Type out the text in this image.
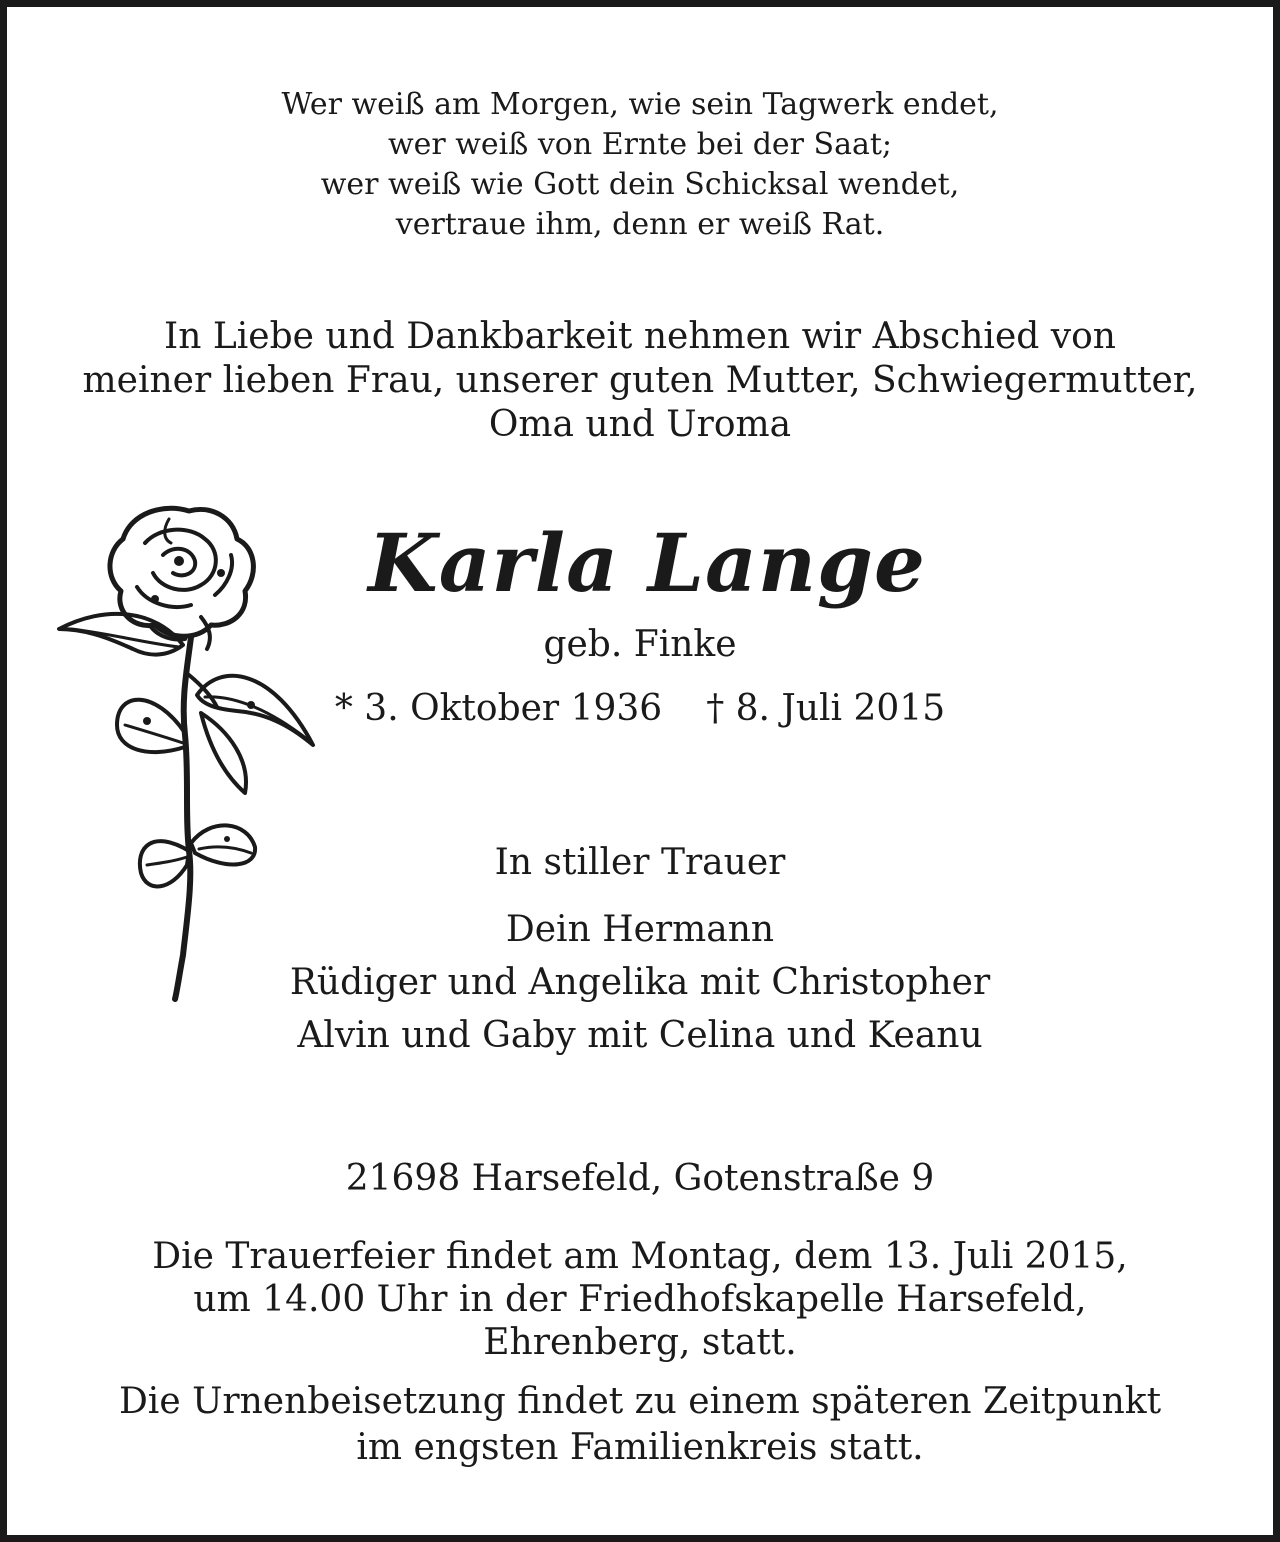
Wer weiß am Morgen, wie sein Tagwerk endet,
wer weiß von Ernte bei der Saat;
wer weiß wie Gott dein Schicksal wendet,
vertraue ihm, denn er weiß Rat.
In Liebe und Dankbarkeit nehmen wir Abschied von
meiner lieben Frau, unserer guten Mutter, Schwiegermutter,
Oma und Uroma
Karla Lange
geb. Finke
* 3. Oktober 1936 † 8. Juli 2015
In stiller Trauer
Dein Hermann
Rüdiger und Angelika mit Christopher
Alvin und Gaby mit Celina und Keanu
21698 Harsefeld, Gotenstraße 9
Die Trauerfeier findet am Montag, dem 13. Juli 2015,
um 14.00 Uhr in der Friedhofskapelle Harsefeld,
Ehrenberg, statt.
Die Urnenbeisetzung findet zu einem späteren Zeitpunkt
im engsten Familienkreis statt.
